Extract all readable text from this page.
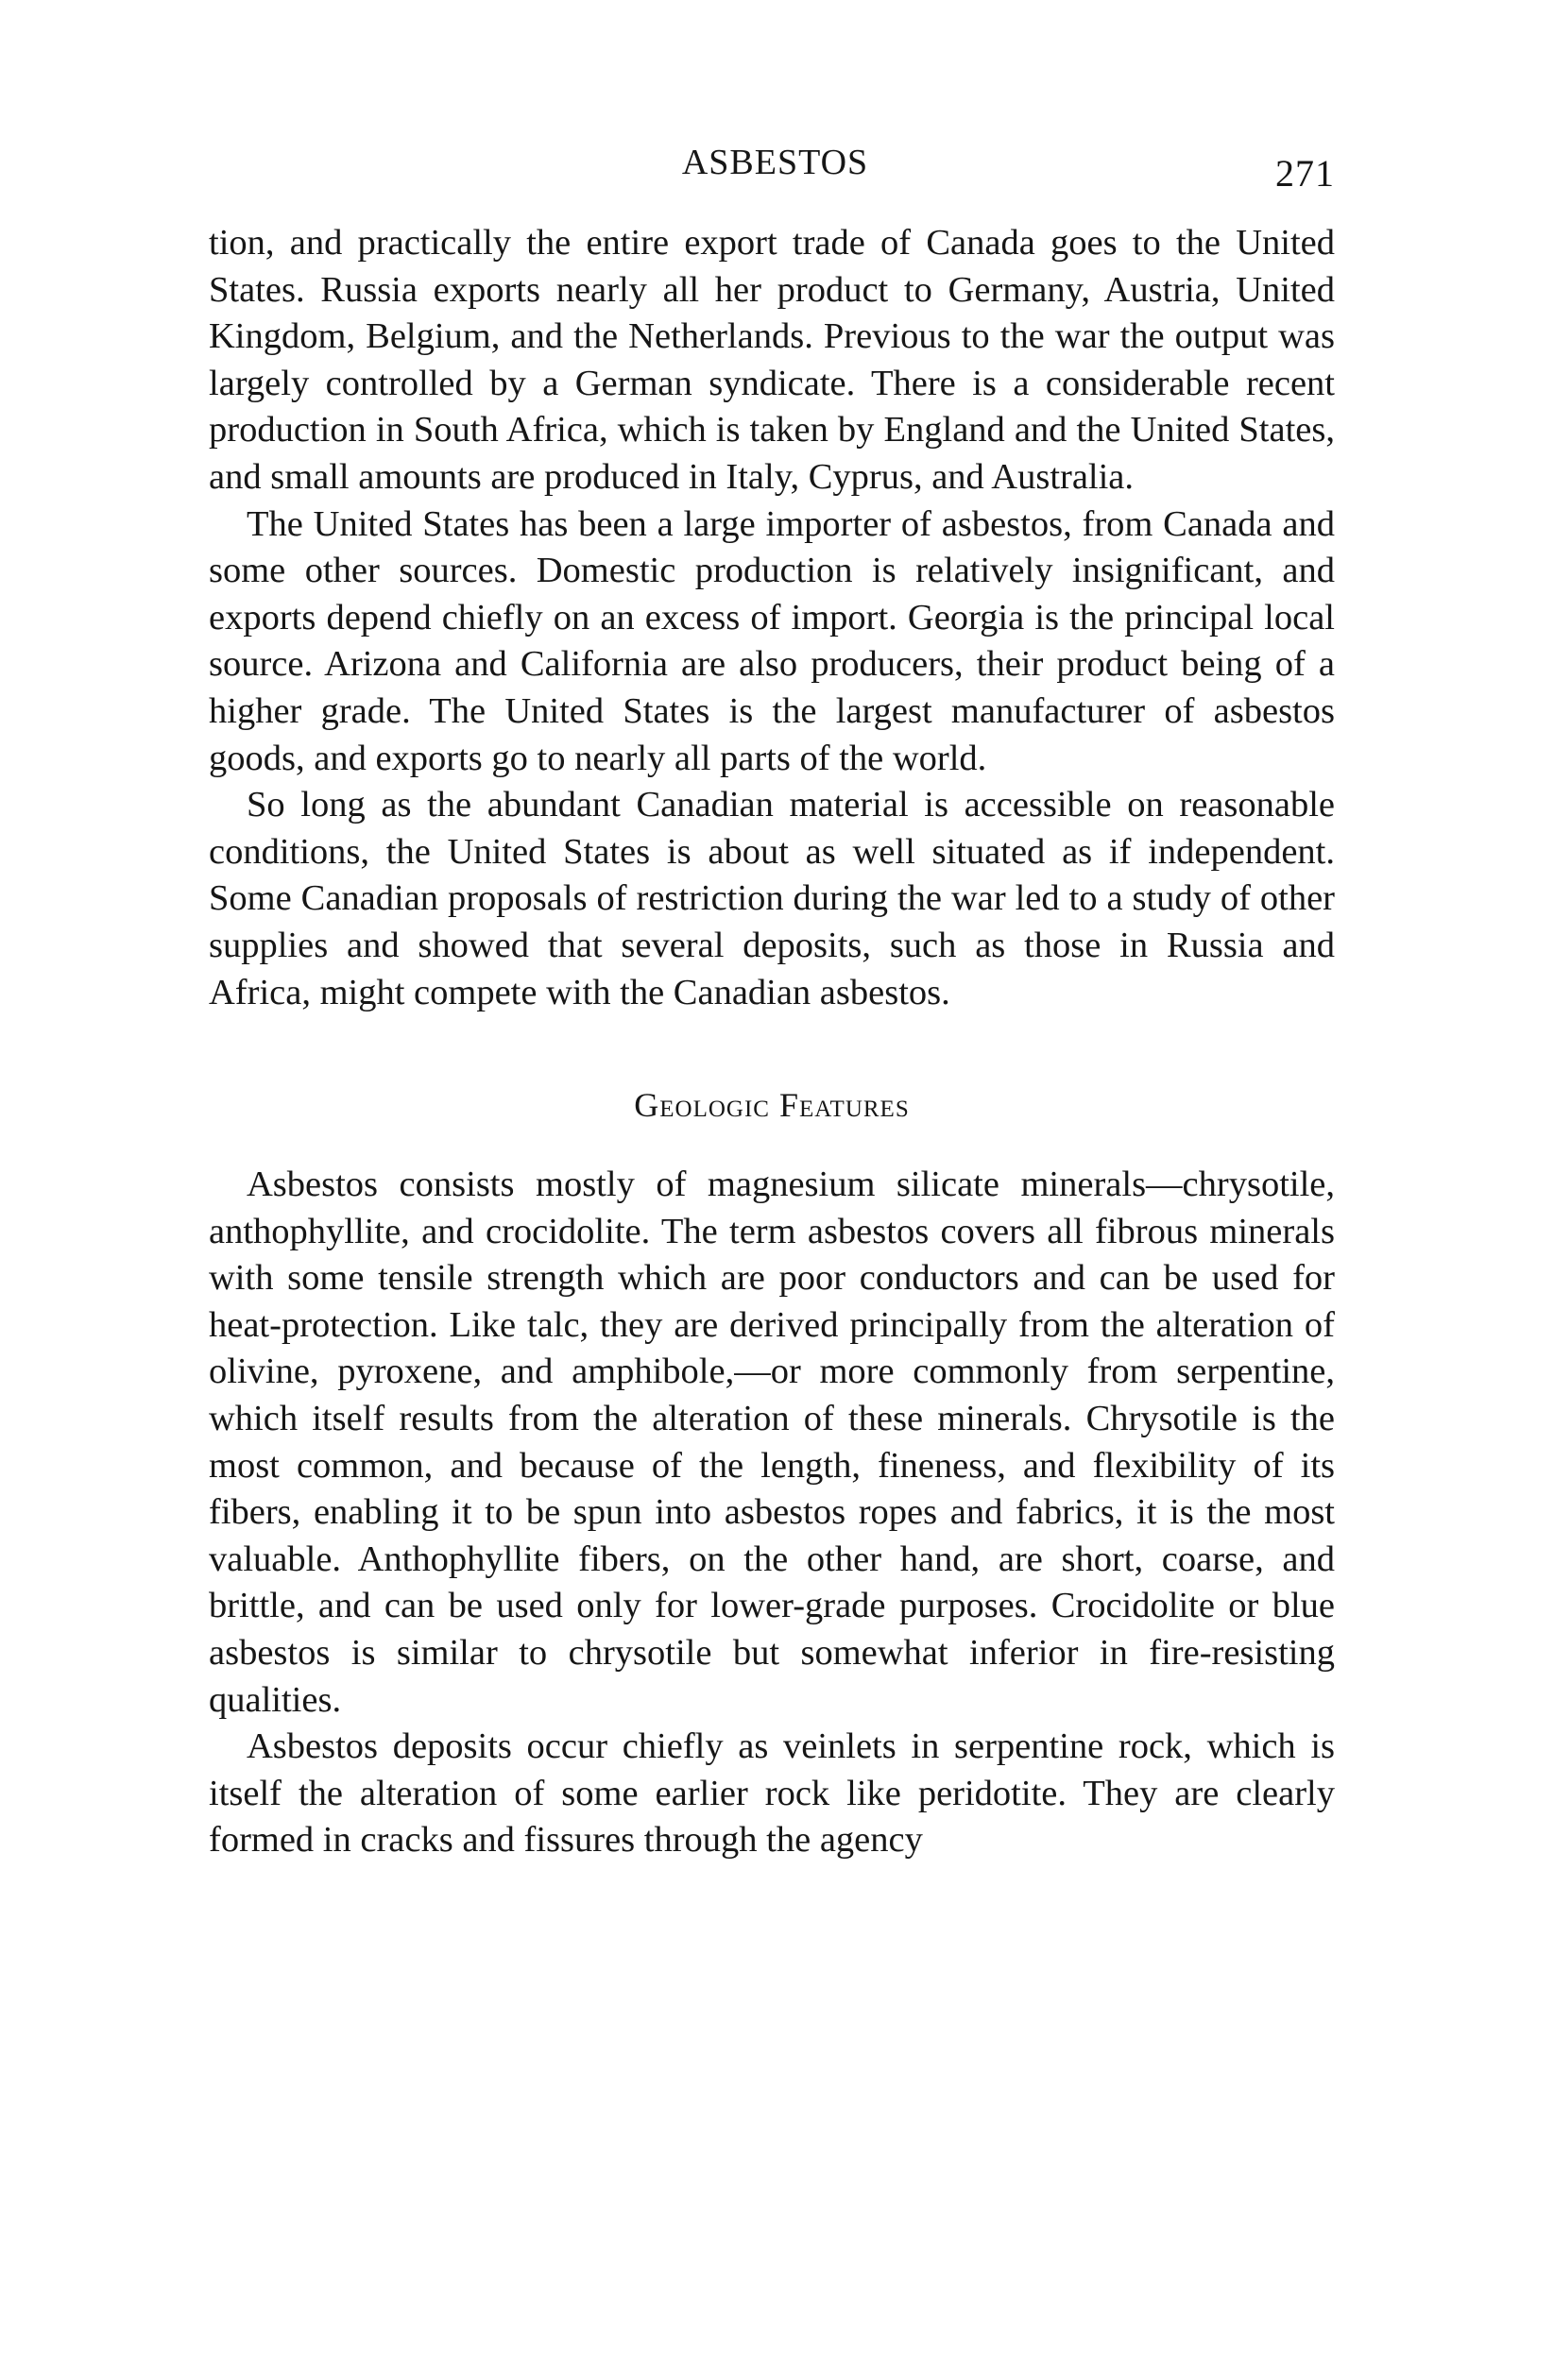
ASBESTOS	271

tion, and practically the entire export trade of Canada goes to the United States. Russia exports nearly all her product to Germany, Austria, United Kingdom, Belgium, and the Netherlands. Previous to the war the output was largely controlled by a German syndicate. There is a considerable recent production in South Africa, which is taken by England and the United States, and small amounts are produced in Italy, Cyprus, and Australia.

The United States has been a large importer of asbestos, from Canada and some other sources. Domestic production is relatively insignificant, and exports depend chiefly on an excess of import. Georgia is the principal local source. Arizona and California are also producers, their product being of a higher grade. The United States is the largest manufacturer of asbestos goods, and exports go to nearly all parts of the world.

So long as the abundant Canadian material is accessible on reasonable conditions, the United States is about as well situated as if independent. Some Canadian proposals of restriction during the war led to a study of other supplies and showed that several deposits, such as those in Russia and Africa, might compete with the Canadian asbestos.

Geologic Features

Asbestos consists mostly of magnesium silicate minerals—chrysotile, anthophyllite, and crocidolite. The term asbestos covers all fibrous minerals with some tensile strength which are poor conductors and can be used for heat-protection. Like talc, they are derived principally from the alteration of olivine, pyroxene, and amphibole,—or more commonly from serpentine, which itself results from the alteration of these minerals. Chrysotile is the most common, and because of the length, fineness, and flexibility of its fibers, enabling it to be spun into asbestos ropes and fabrics, it is the most valuable. Anthophyllite fibers, on the other hand, are short, coarse, and brittle, and can be used only for lower-grade purposes. Crocidolite or blue asbestos is similar to chrysotile but somewhat inferior in fire-resisting qualities.

Asbestos deposits occur chiefly as veinlets in serpentine rock, which is itself the alteration of some earlier rock like peridotite. They are clearly formed in cracks and fissures through the agency
